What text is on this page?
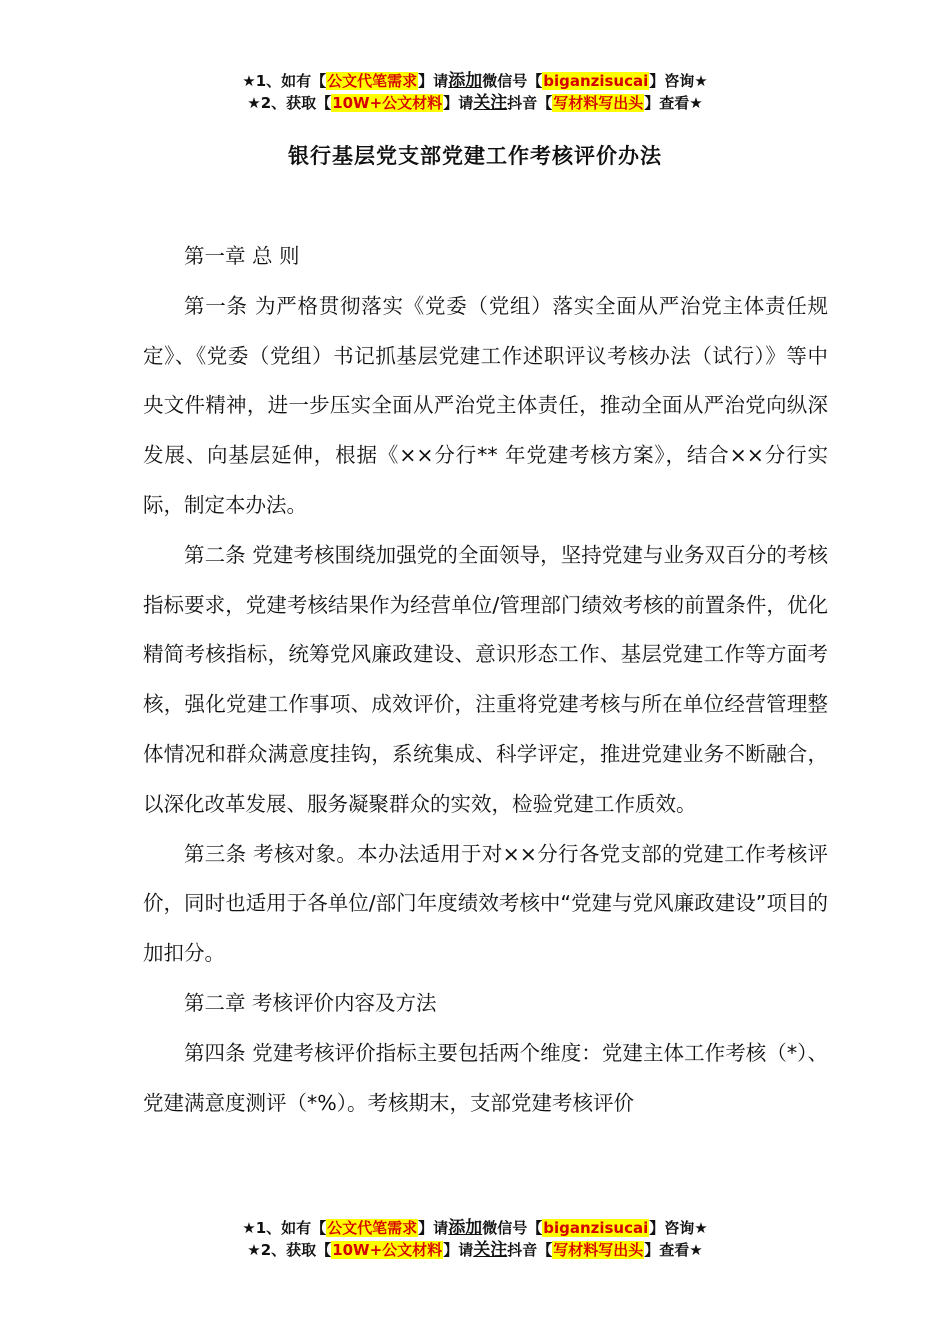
★1、如有【公文代笔需求】请添加微信号【biganzisucai】咨询★
★2、获取【10W+公文材料】请关注抖音【写材料写出头】查看★
银行基层党支部党建工作考核评价办法

第一章 总 则

第一条 为严格贯彻落实《党委（党组）落实全面从严治党主体责任规定》、《党委（党组）书记抓基层党建工作述职评议考核办法（试行）》等中央文件精神，进一步压实全面从严治党主体责任，推动全面从严治党向纵深发展、向基层延伸，根据《××分行** 年党建考核方案》，结合××分行实际，制定本办法。

第二条 党建考核围绕加强党的全面领导，坚持党建与业务双百分的考核指标要求，党建考核结果作为经营单位/管理部门绩效考核的前置条件，优化精简考核指标，统筹党风廉政建设、意识形态工作、基层党建工作等方面考核，强化党建工作事项、成效评价，注重将党建考核与所在单位经营管理整体情况和群众满意度挂钩，系统集成、科学评定，推进党建业务不断融合，以深化改革发展、服务凝聚群众的实效，检验党建工作质效。

第三条 考核对象。本办法适用于对××分行各党支部的党建工作考核评价，同时也适用于各单位/部门年度绩效考核中“党建与党风廉政建设”项目的加扣分。

第二章 考核评价内容及方法

第四条 党建考核评价指标主要包括两个维度：党建主体工作考核（*）、党建满意度测评（*%）。考核期末，支部党建考核评价

★1、如有【公文代笔需求】请添加微信号【biganzisucai】咨询★
★2、获取【10W+公文材料】请关注抖音【写材料写出头】查看★
